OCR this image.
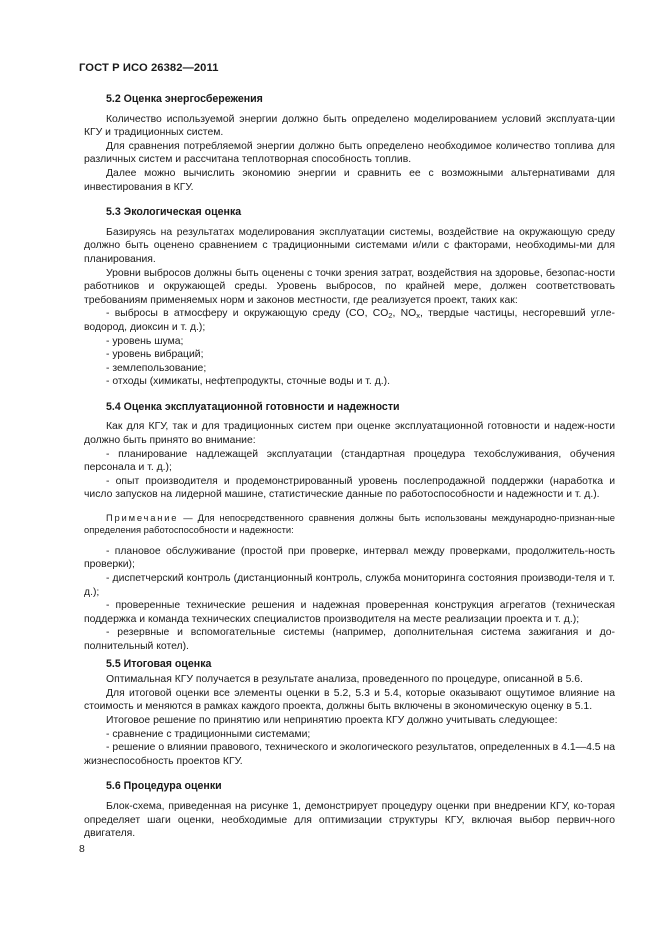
ГОСТ Р ИСО 26382—2011
5.2 Оценка энергосбережения

Количество используемой энергии должно быть определено моделированием условий эксплуата-ции КГУ и традиционных систем.

Для сравнения потребляемой энергии должно быть определено необходимое количество топлива для различных систем и рассчитана теплотворная способность топлив.

Далее можно вычислить экономию энергии и сравнить ее с возможными альтернативами для инвестирования в КГУ.

5.3 Экологическая оценка

Базируясь на результатах моделирования эксплуатации системы, воздействие на окружающую среду должно быть оценено сравнением с традиционными системами и/или с факторами, необходимы-ми для планирования.

Уровни выбросов должны быть оценены с точки зрения затрат, воздействия на здоровье, безопас-ности работников и окружающей среды. Уровень выбросов, по крайней мере, должен соответствовать требованиям применяемых норм и законов местности, где реализуется проект, таких как:

- выбросы в атмосферу и окружающую среду (CO, $CO_2$, $NO_x$, твердые частицы, несгоревший угле-водород, диоксин и т. д.);

- уровень шума;

- уровень вибраций;

- землепользование;

- отходы (химикаты, нефтепродукты, сточные воды и т. д.).

5.4 Оценка эксплуатационной готовности и надежности

Как для КГУ, так и для традиционных систем при оценке эксплуатационной готовности и надеж-ности должно быть принято во внимание:

- планирование надлежащей эксплуатации (стандартная процедура техобслуживания, обучения персонала и т. д.);

- опыт производителя и продемонстрированный уровень послепродажной поддержки (наработка и число запусков на лидерной машине, статистические данные по работоспособности и надежности и т. д.).

Примечание — Для непосредственного сравнения должны быть использованы международно-признан-ные определения работоспособности и надежности:

- плановое обслуживание (простой при проверке, интервал между проверками, продолжитель-ность проверки);

- диспетчерский контроль (дистанционный контроль, служба мониторинга состояния производи-теля и т. д.);

- проверенные технические решения и надежная проверенная конструкция агрегатов (техническая поддержка и команда технических специалистов производителя на месте реализации проекта и т. д.);

- резервные и вспомогательные системы (например, дополнительная система зажигания и до-полнительный котел).

5.5 Итоговая оценка

Оптимальная КГУ получается в результате анализа, проведенного по процедуре, описанной в 5.6.

Для итоговой оценки все элементы оценки в 5.2, 5.3 и 5.4, которые оказывают ощутимое влияние на стоимость и меняются в рамках каждого проекта, должны быть включены в экономическую оценку в 5.1.

Итоговое решение по принятию или непринятию проекта КГУ должно учитывать следующее:

- сравнение с традиционными системами;

- решение о влиянии правового, технического и экологического результатов, определенных в 4.1—4.5 на жизнеспособность проектов КГУ.

5.6 Процедура оценки

Блок-схема, приведенная на рисунке 1, демонстрирует процедуру оценки при внедрении КГУ, ко-торая определяет шаги оценки, необходимые для оптимизации структуры КГУ, включая выбор первич-ного двигателя.

8
